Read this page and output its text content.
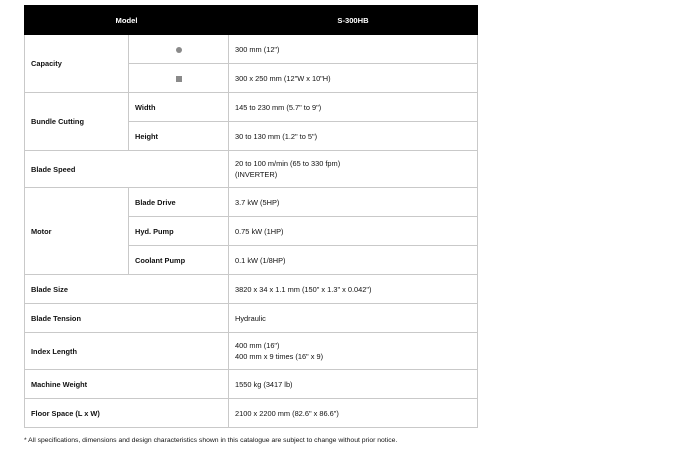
Model		S-300HB
Capacity		300 mm (12")
		300 x 250 mm (12"W x 10"H)
Bundle Cutting	Width	145 to 230 mm (5.7" to 9")
	Height	30 to 130 mm (1.2" to 5")
Blade Speed		20 to 100 m/min (65 to 330 fpm)
(INVERTER)

Motor	Blade Drive	3.7 kW (5HP)
	Hyd. Pump	0.75 kW (1HP)
	Coolant Pump	0.1 kW (1/8HP)
Blade Size		3820 x 34 x 1.1 mm (150" x 1.3" x 0.042")
Blade Tension		Hydraulic
Index Length		400 mm (16")
400 mm x 9 times (16" x 9)

Machine Weight		1550 kg (3417 lb)
Floor Space (L x W)		2100 x 2200 mm (82.6" x 86.6")
* All specifications, dimensions and design characteristics shown in this catalogue are subject to change without prior notice.
